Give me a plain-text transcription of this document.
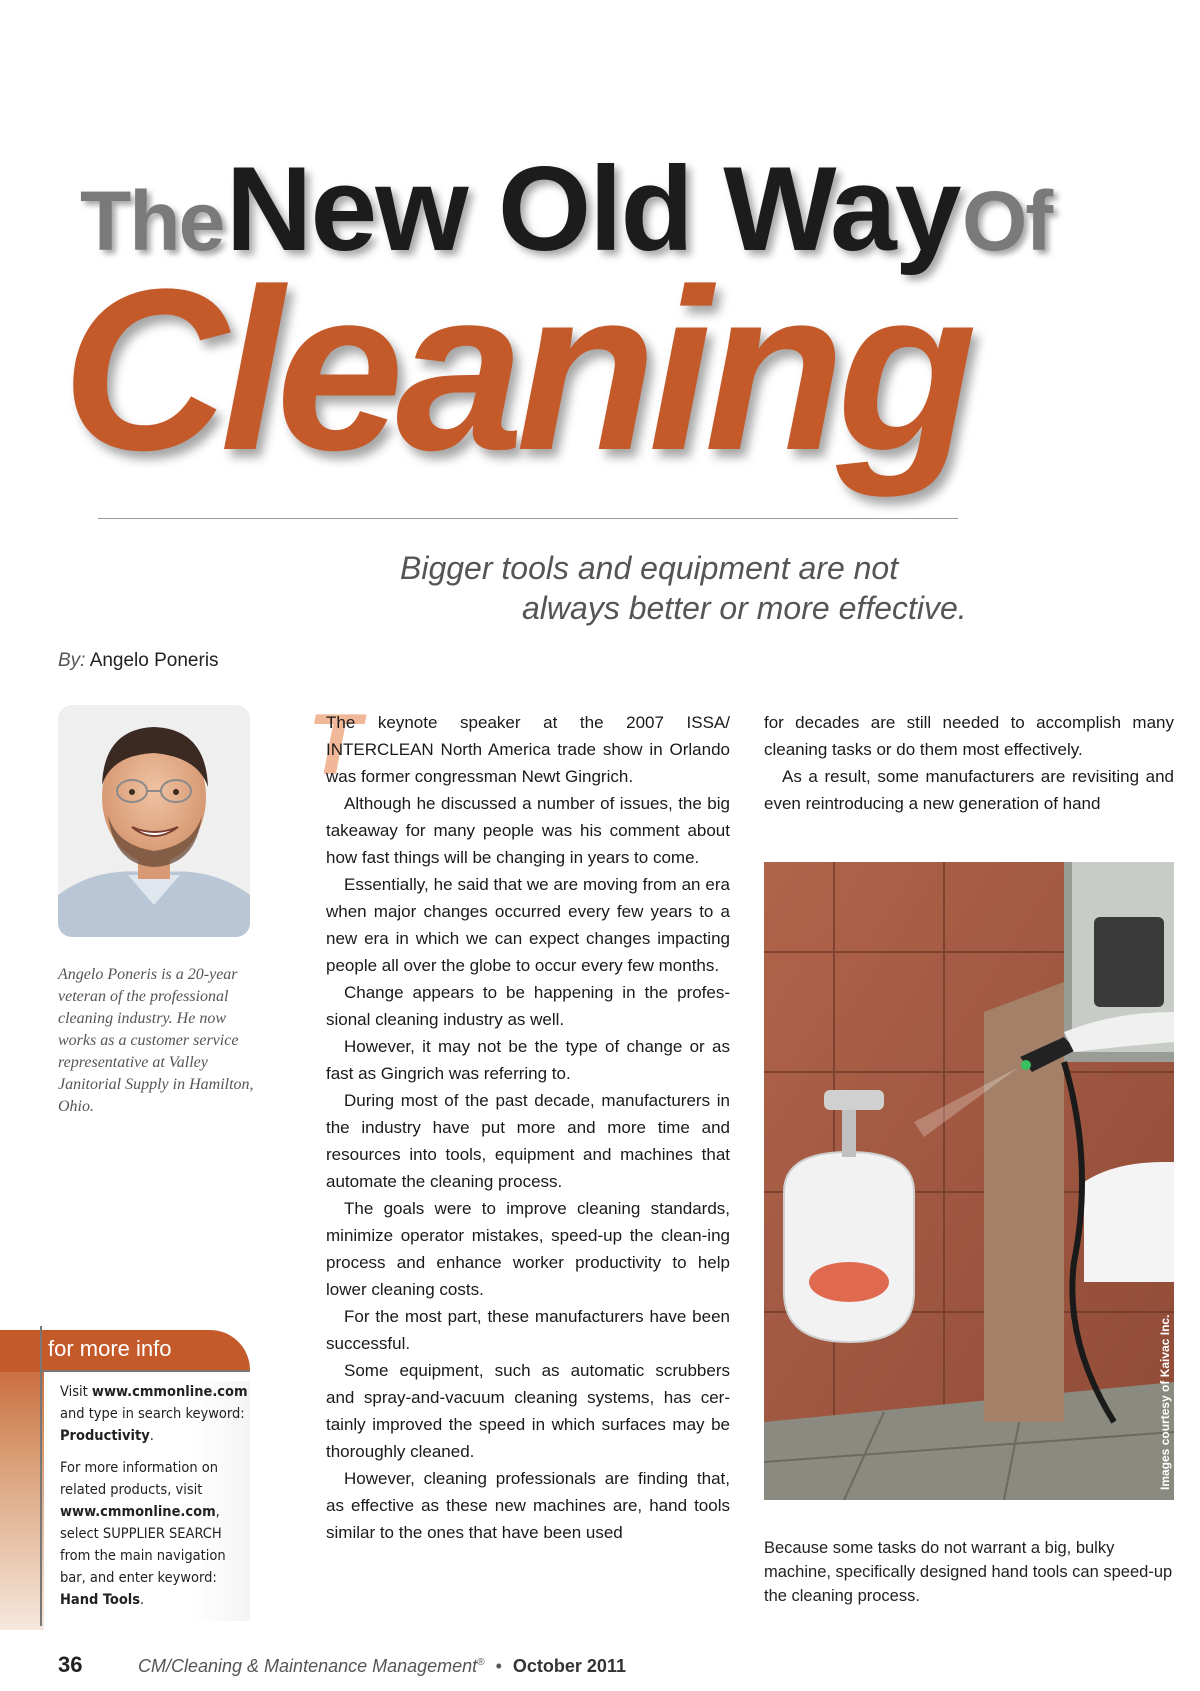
The New Old Way Of
Cleaning
Bigger tools and equipment are not
always better or more effective.
By: Angelo Poneris
Angelo Poneris is a 20-year veteran of the professional cleaning industry. He now works as a customer service representative at Valley Janitorial Supply in Hamilton, Ohio.
for more info

Visit www.cmmonline.com and type in search keyword: Productivity.

For more information on related products, visit www.cmmonline.com, select SUPPLIER SEARCH from the main navigation bar, and enter keyword: Hand Tools.

T

The keynote speaker at the 2007 ISSA/ INTERCLEAN North America trade show in Orlando was former congressman Newt Gingrich.

Although he discussed a number of issues, the big takeaway for many people was his comment about how fast things will be changing in years to come.

Essentially, he said that we are moving from an era when major changes occurred every few years to a new era in which we can expect changes impacting people all over the globe to occur every few months.

Change appears to be happening in the profes-sional cleaning industry as well.

However, it may not be the type of change or as fast as Gingrich was referring to.

During most of the past decade, manufacturers in the industry have put more and more time and resources into tools, equipment and machines that automate the cleaning process.

The goals were to improve cleaning standards, minimize operator mistakes, speed-up the clean-ing process and enhance worker productivity to help lower cleaning costs.

For the most part, these manufacturers have been successful.

Some equipment, such as automatic scrubbers and spray-and-vacuum cleaning systems, has cer-tainly improved the speed in which surfaces may be thoroughly cleaned.

However, cleaning professionals are finding that, as effective as these new machines are, hand tools similar to the ones that have been used

for decades are still needed to accomplish many cleaning tasks or do them most effectively.

As a result, some manufacturers are revisiting and even reintroducing a new generation of hand

Images courtesy of Kaivac Inc.
Because some tasks do not warrant a big, bulky machine, specifically designed hand tools can speed-up the cleaning process.
36	CM/Cleaning & Maintenance Management® • October 2011
